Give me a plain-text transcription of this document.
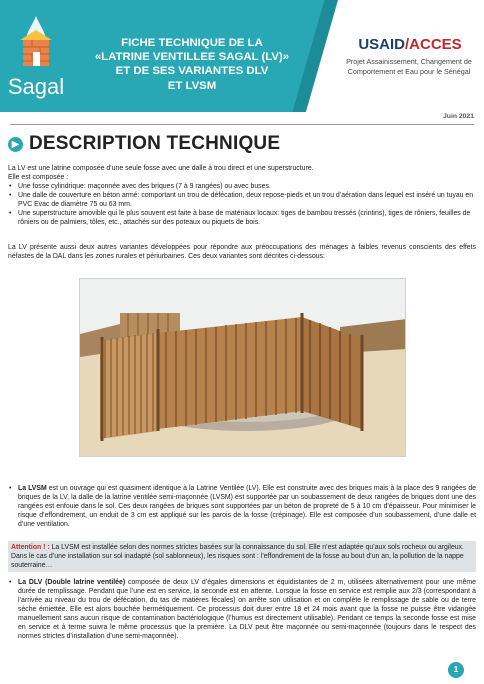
Sagal
FICHE TECHNIQUE DE LA
«LATRINE VENTILLEE SAGAL (LV)»
ET DE SES VARIANTES DLV
ET LVSM
USAID/ACCES
Projet Assainissement, Changement de Comportement et Eau pour le Sénégal
Juin 2021
▶ DESCRIPTION TECHNIQUE
La LV est une latrine composée d’une seule fosse avec une dalle à trou direct et une superstructure.
Elle est composée :
• Une fosse cylindrique: maçonnée avec des briques (7 à 9 rangées) ou avec buses.
• Une dalle de couverture en béton armé: comportant un trou de défécation, deux repose-pieds et un trou d’aération dans lequel est inséré un tuyau en PVC Evac de diamètre 75 ou 63 mm.
• Une superstructure amovible qui le plus souvent est faite à base de matériaux locaux: tiges de bambou tressés (crintins), tiges de rôniers, feuilles de rôniers ou de palmiers, tôles, etc., attachés sur des poteaux ou piquets de bois.
La LV présente aussi deux autres variantes développées pour répondre aux préoccupations des ménages à faibles revenus conscients des effets néfastes de la DAL dans les zones rurales et périurbaines. Ces deux variantes sont décrites ci-dessous:
• La LVSM est un ouvrage qui est quasiment identique à la Latrine Ventilée (LV). Elle est construite avec des briques mais à la place des 9 rangées de briques de la LV, la dalle de la latrine ventilée semi-maçonnée (LVSM) est supportée par un soubassement de deux rangées de briques dont une des rangées est enfouie dans le sol. Ces deux rangées de briques sont supportées par un béton de propreté de 5 à 10 cm d’épaisseur. Pour minimiser le risque d’effondrement, un enduit de 3 cm est appliqué sur les parois de la fosse (crépinage). Elle est composée d’un soubassement, d’une dalle et d’une ventilation.
Attention ! : La LVSM est installée selon des normes strictes basées sur la connaissance du sol. Elle n’est adaptée qu’aux sols rocheux ou argileux. Dans le cas d’une installation sur sol inadapté (sol sablonneux), les risques sont : l’effondrement de la fosse au bout d’un an, la pollution de la nappe souterraine…
• La DLV (Double latrine ventilée) composée de deux LV d’égales dimensions et équidistantes de 2 m, utilisées alternativement pour une même durée de remplissage. Pendant que l’une est en service, la seconde est en attente. Lorsque la fosse en service est remplie aux 2/3 (correspondant à l’arrivée au niveau du trou de défécation, du tas de matières fécales) on arrête son utilisation et on complète le remplissage de sable ou de terre sèche émiettée. Elle est alors bouchée hermétiquement. Ce processus doit durer entre 18 et 24 mois avant que la fosse ne puisse être vidangée manuellement sans aucun risque de contamination bactériologique (l’humus est directement utilisable). Pendant ce temps la seconde fosse est mise en service et à terme suivra le même processus que la première. La DLV peut être maçonnée ou semi-maçonnée (toujours dans le respect des normes strictes d’installation d’une semi-maçonnée).
1
